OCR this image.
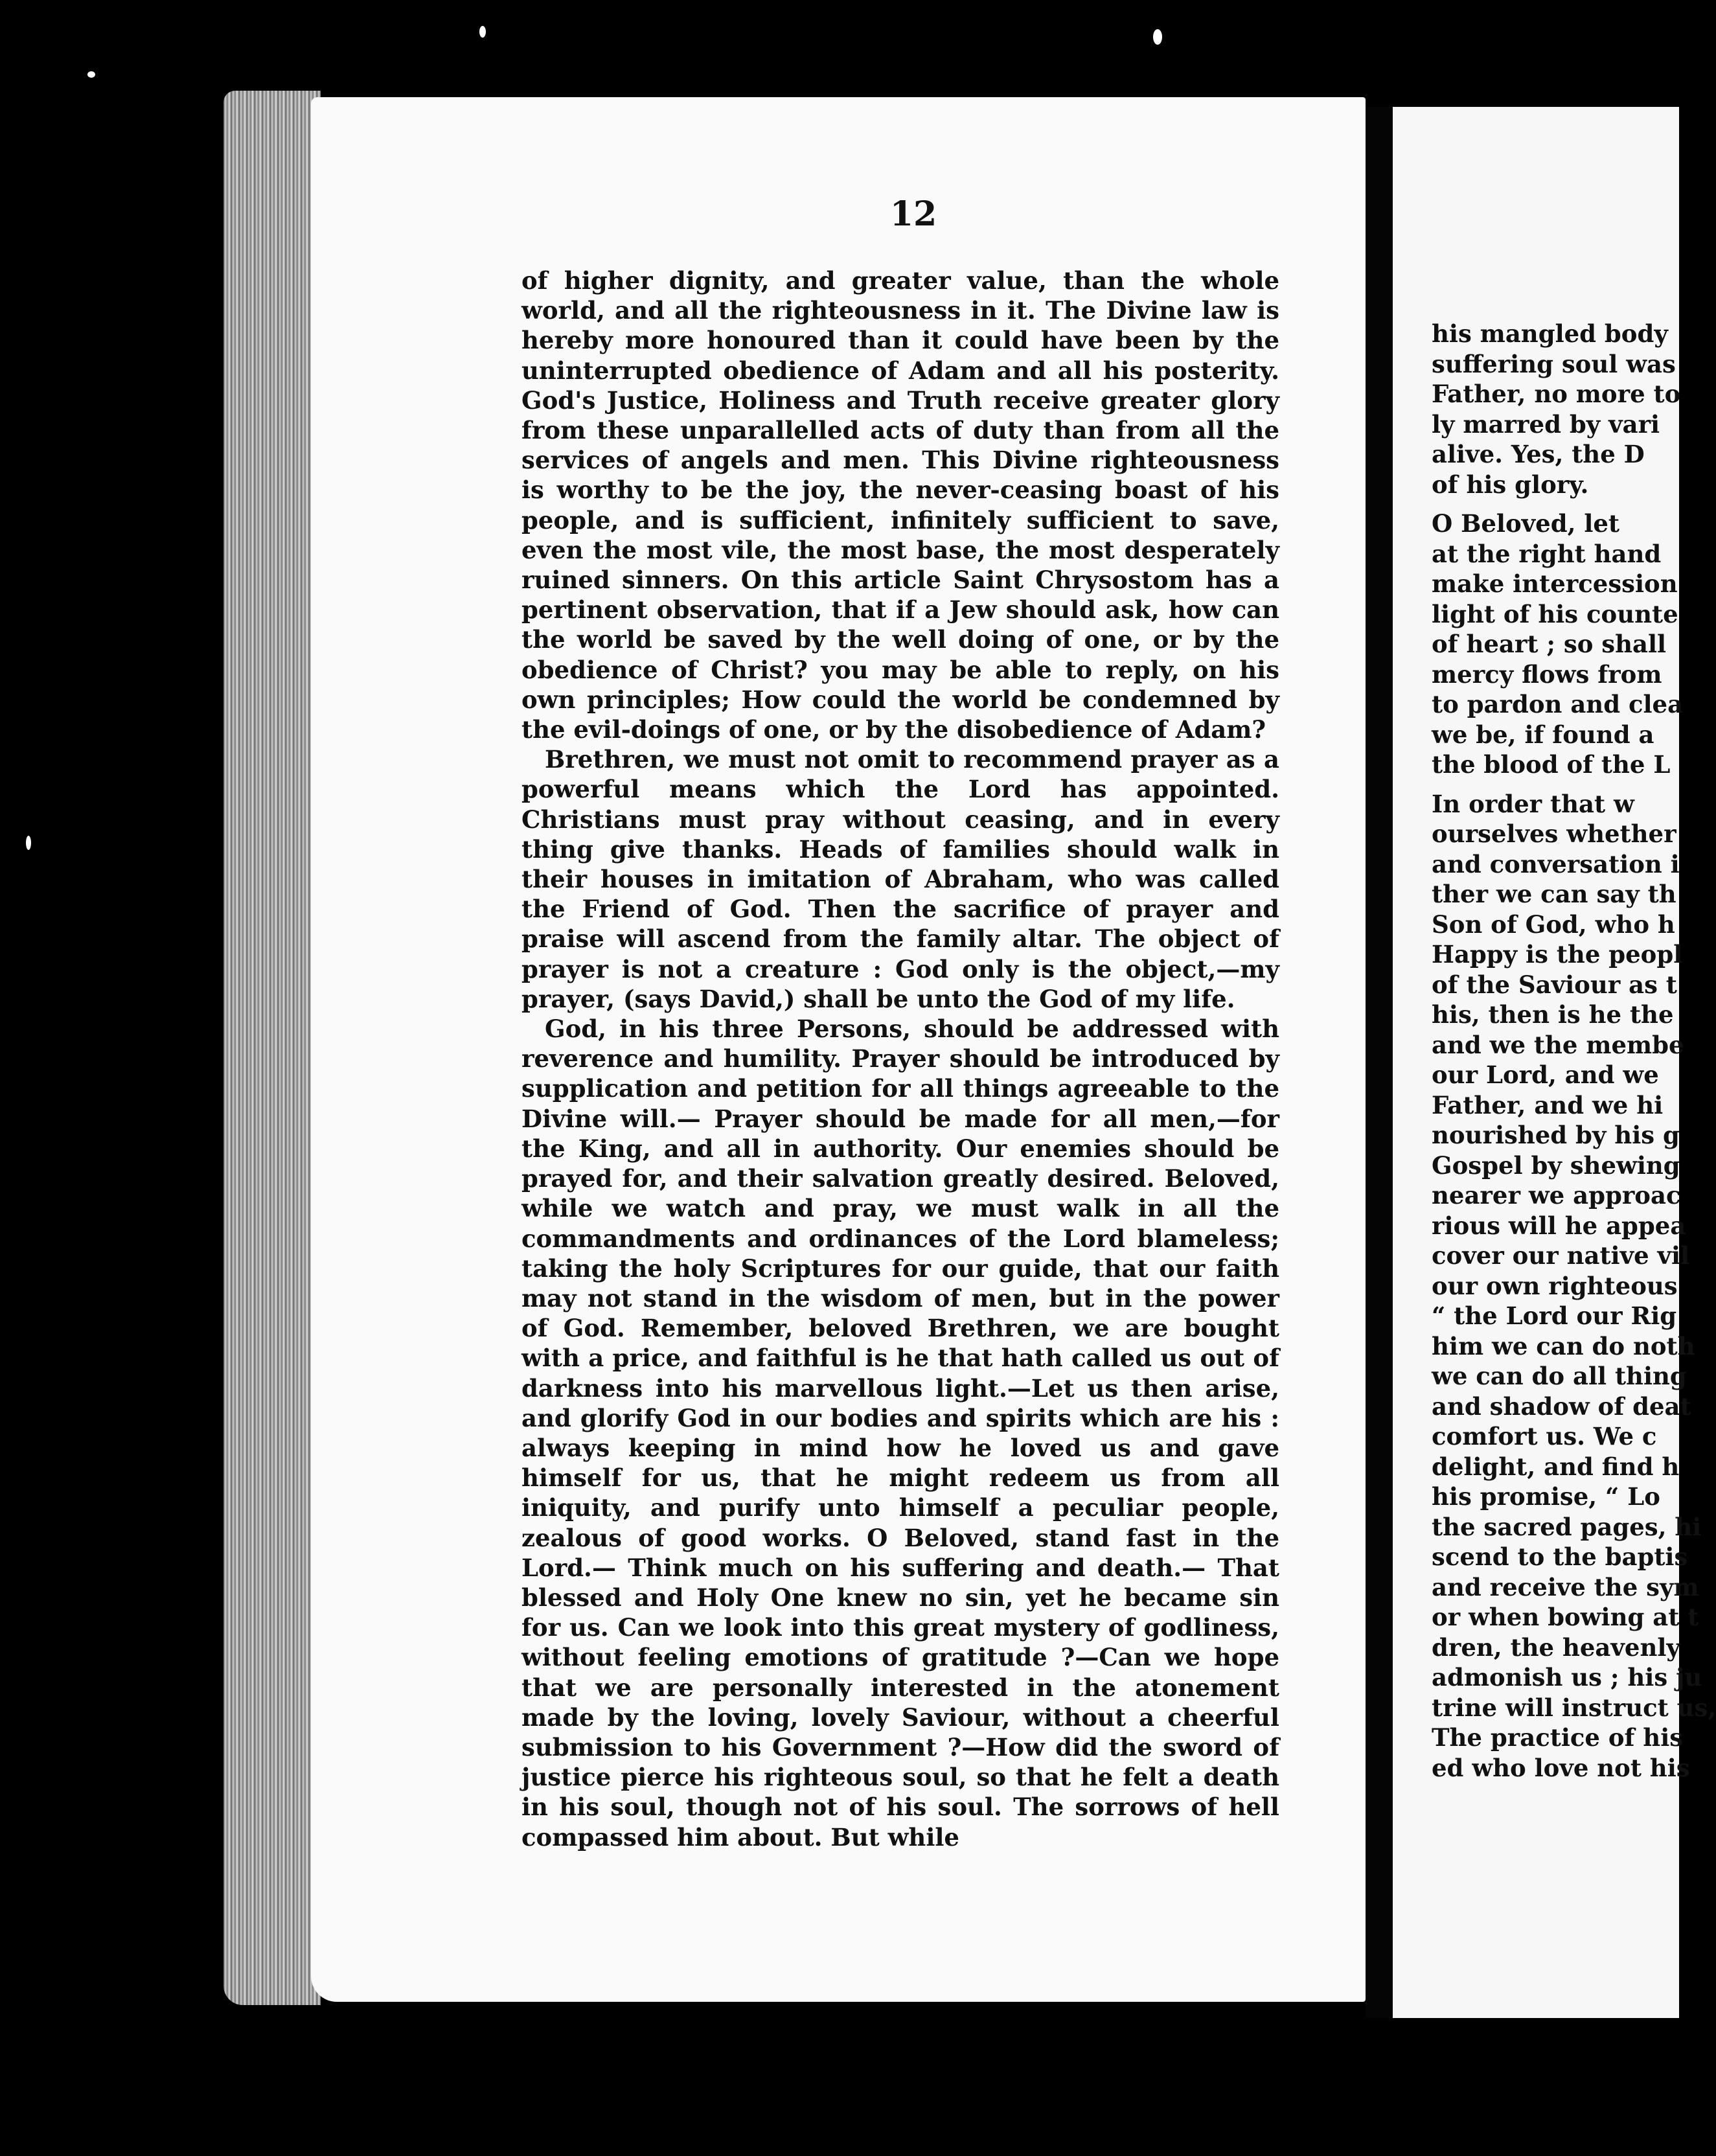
12

of higher dignity, and greater value, than the whole world, and all the righteousness in it. The Divine law is hereby more honoured than it could have been by the uninterrupted obedience of Adam and all his posterity. God's Justice, Holiness and Truth receive greater glory from these unparallelled acts of duty than from all the services of angels and men. This Divine righteousness is worthy to be the joy, the never-ceasing boast of his people, and is sufficient, infinitely sufficient to save, even the most vile, the most base, the most desperately ruined sinners. On this article Saint Chrysostom has a pertinent observation, that if a Jew should ask, how can the world be saved by the well doing of one, or by the obedience of Christ? you may be able to reply, on his own principles; How could the world be condemned by the evil-doings of one, or by the disobedience of Adam?

Brethren, we must not omit to recommend prayer as a powerful means which the Lord has appointed. Christians must pray without ceasing, and in every thing give thanks. Heads of families should walk in their houses in imitation of Abraham, who was called the Friend of God. Then the sacrifice of prayer and praise will ascend from the family altar. The object of prayer is not a creature : God only is the object,—my prayer, (says David,) shall be unto the God of my life.

God, in his three Persons, should be addressed with reverence and humility. Prayer should be introduced by supplication and petition for all things agreeable to the Divine will.— Prayer should be made for all men,—for the King, and all in authority. Our enemies should be prayed for, and their salvation greatly desired. Beloved, while we watch and pray, we must walk in all the commandments and ordinances of the Lord blameless; taking the holy Scriptures for our guide, that our faith may not stand in the wisdom of men, but in the power of God. Remember, beloved Brethren, we are bought with a price, and faithful is he that hath called us out of darkness into his marvellous light.—Let us then arise, and glorify God in our bodies and spirits which are his : always keeping in mind how he loved us and gave himself for us, that he might redeem us from all iniquity, and purify unto himself a peculiar people, zealous of good works. O Beloved, stand fast in the Lord.— Think much on his suffering and death.— That blessed and Holy One knew no sin, yet he became sin for us. Can we look into this great mystery of godliness, without feeling emotions of gratitude ?—Can we hope that we are personally interested in the atonement made by the loving, lovely Saviour, without a cheerful submission to his Government ?—How did the sword of justice pierce his righteous soul, so that he felt a death in his soul, though not of his soul. The sorrows of hell compassed him about. But while

his mangled body
suffering soul was
Father, no more to
ly marred by vari
alive. Yes, the D
of his glory.
O Beloved, let
at the right hand
make intercession
light of his counte
of heart ; so shall
mercy flows from
to pardon and clea
we be, if found a
the blood of the L
In order that w
ourselves whether
and conversation i
ther we can say th
Son of God, who h
Happy is the peopl
of the Saviour as t
his, then is he the
and we the membe
our Lord, and we
Father, and we hi
nourished by his g
Gospel by shewing
nearer we approac
rious will he appea
cover our native vil
our own righteous
“ the Lord our Rig
him we can do noth
we can do all thing
and shadow of deat
comfort us. We c
delight, and find h
his promise, “ Lo
the sacred pages, hi
scend to the baptis
and receive the sym
or when bowing at t
dren, the heavenly
admonish us ; his ju
trine will instruct us,
The practice of his
ed who love not his
